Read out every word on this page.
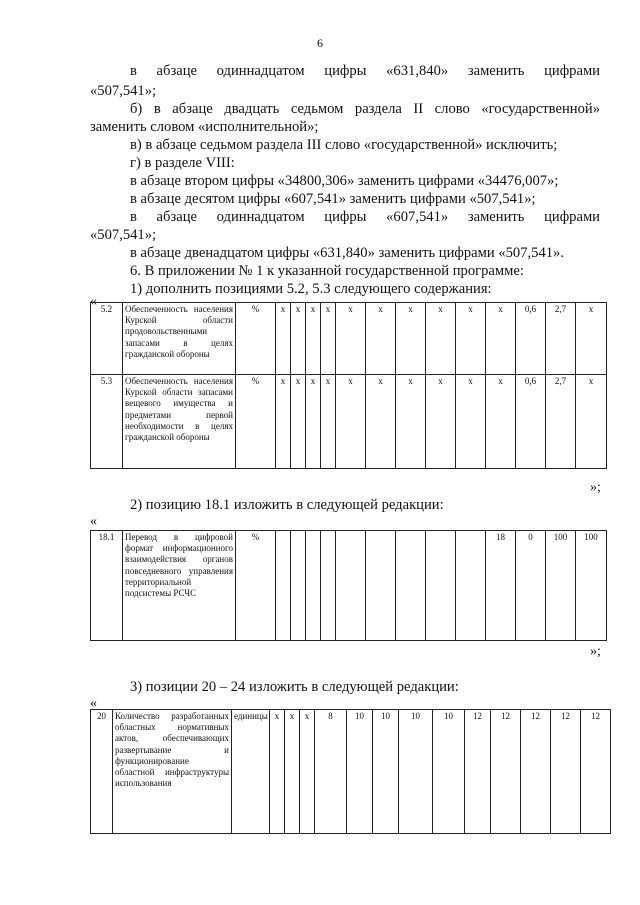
6
в абзаце одиннадцатом цифры «631,840» заменить цифрами
«507,541»;
б) в абзаце двадцать седьмом раздела II слово «государственной»
заменить словом «исполнительной»;
в) в абзаце седьмом раздела III слово «государственной» исключить;
г) в разделе VIII:
в абзаце втором цифры «34800,306» заменить цифрами «34476,007»;
в абзаце десятом цифры «607,541» заменить цифрами «507,541»;
в абзаце одиннадцатом цифры «607,541» заменить цифрами
«507,541»;
в абзаце двенадцатом цифры «631,840» заменить цифрами «507,541».
6. В приложении № 1 к указанной государственной программе:
1) дополнить позициями 5.2, 5.3 следующего содержания:
« 5.2	Обеспеченность населения Курской области продовольственными запасами в целях гражданской обороны	%	х	х	х	х	х	х	х	х	х	х	0,6	2,7	х
5.3	Обеспеченность населения Курской области запасами вещевого имущества и предметами первой необходимости в целях гражданской обороны	%	х	х	х	х	х	х	х	х	х	х	0,6	2,7	х
»;
2) позицию 18.1 изложить в следующей редакции:
«
18.1	Перевод в цифровой формат информационного взаимодействия органов повседневного управления территориальной подсистемы РСЧС	%										18	0	100	100
»;
3) позиции 20 – 24 изложить в следующей редакции:
«
20	Количество разработанных областных нормативных актов, обеспечивающих развертывание и функционирование областной инфраструктуры использования	единицы	х	х	х	8	10	10	10	10	12	12	12	12	12
